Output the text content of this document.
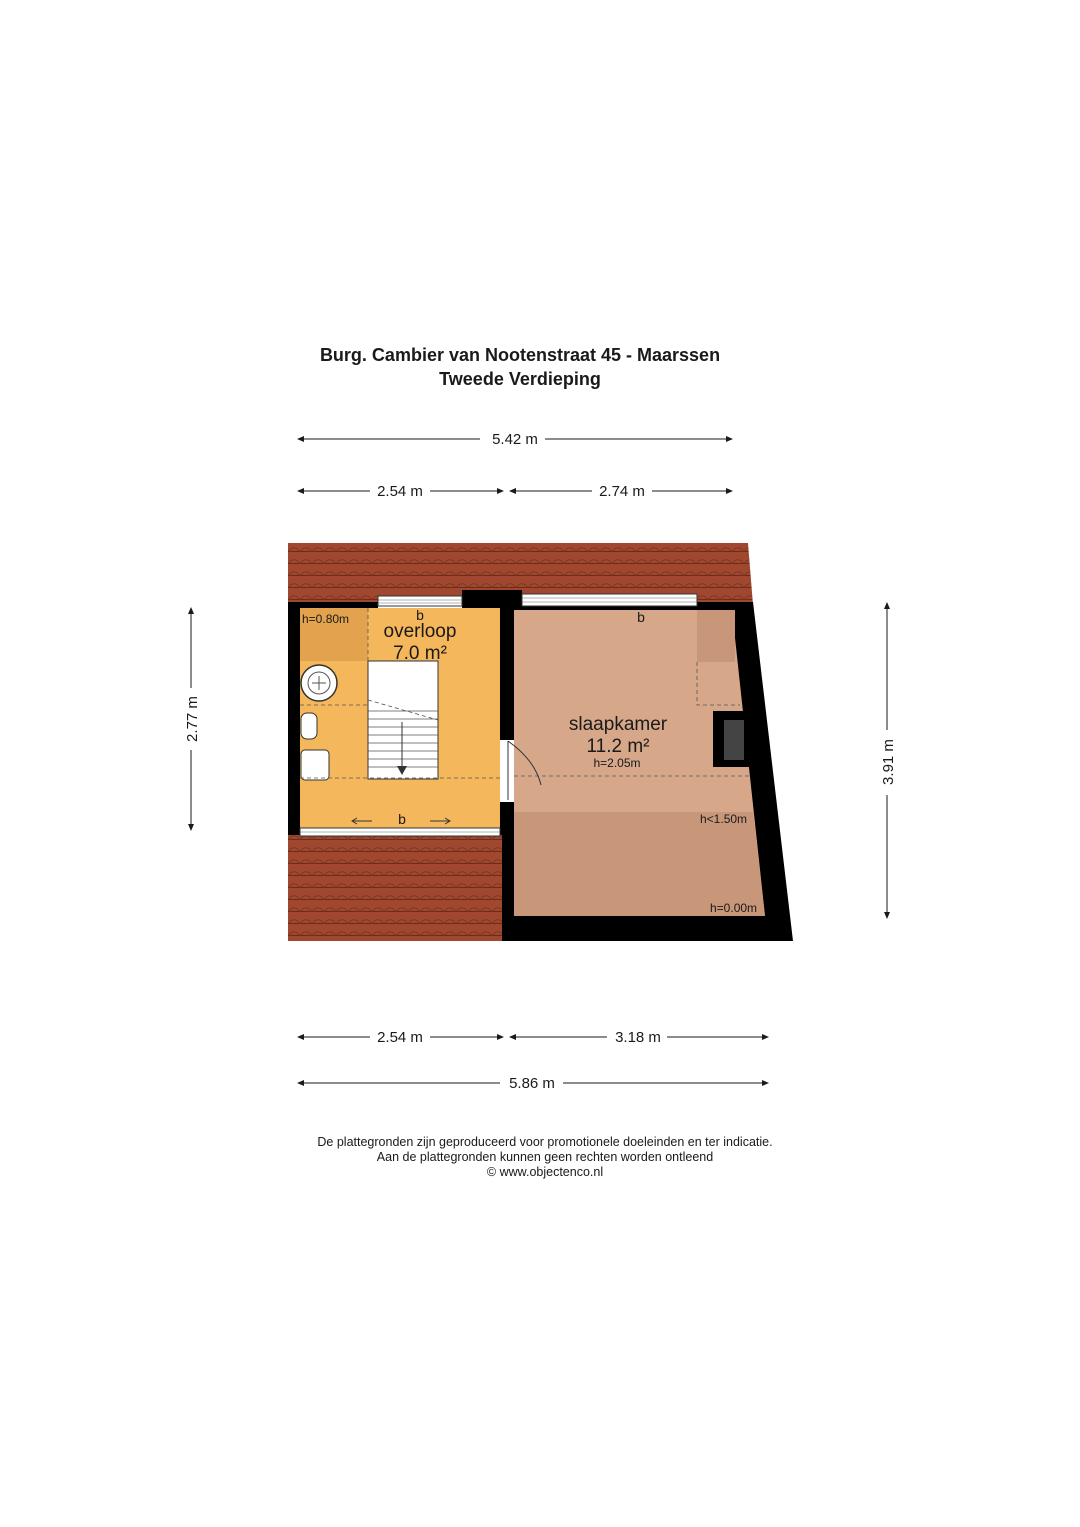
Burg. Cambier van Nootenstraat 45 - Maarssen
Tweede Verdieping
overloop
7.0 m²
h=0.80m	b
b
slaapkamer
11.2 m²
h=2.05m
h<1.50m
h=0.00m
b
5.42 m
2.54 m	2.74 m
2.77 m
3.91 m
2.54 m	3.18 m
5.86 m
De plattegronden zijn geproduceerd voor promotionele doeleinden en ter indicatie.
Aan de plattegronden kunnen geen rechten worden ontleend
© www.objectenco.nl
